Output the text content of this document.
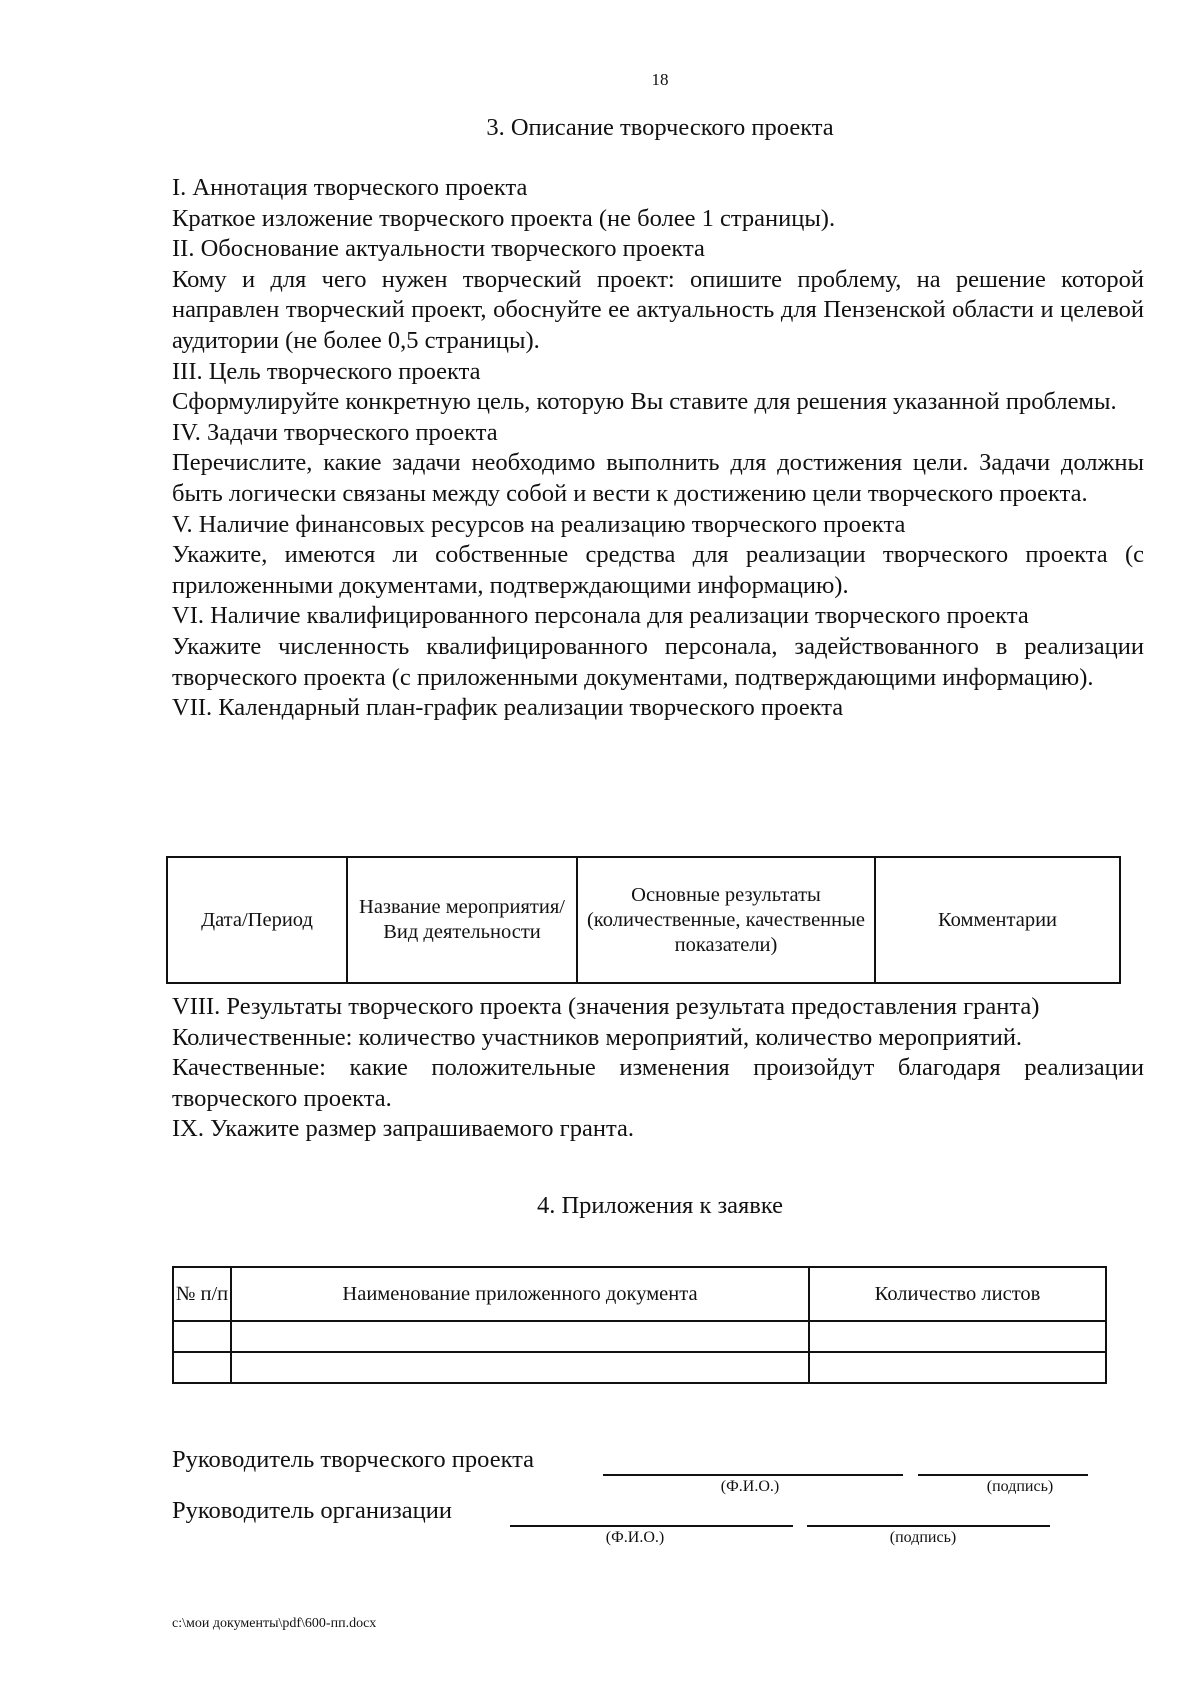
18
3. Описание творческого проекта

I. Аннотация творческого проекта

Краткое изложение творческого проекта (не более 1 страницы).

II. Обоснование актуальности творческого проекта

Кому и для чего нужен творческий проект: опишите проблему, на решение которой направлен творческий проект, обоснуйте ее актуальность для Пензенской области и целевой аудитории (не более 0,5 страницы).

III. Цель творческого проекта

Сформулируйте конкретную цель, которую Вы ставите для решения указанной проблемы.

IV. Задачи творческого проекта

Перечислите, какие задачи необходимо выполнить для достижения цели. Задачи должны быть логически связаны между собой и вести к достижению цели творческого проекта.

V. Наличие финансовых ресурсов на реализацию творческого проекта

Укажите, имеются ли собственные средства для реализации творческого проекта (с приложенными документами, подтверждающими информацию).

VI. Наличие квалифицированного персонала для реализации творческого проекта

Укажите численность квалифицированного персонала, задействованного в реализации творческого проекта (с приложенными документами, подтверждающими информацию).

VII. Календарный план-график реализации творческого проекта

Дата/Период	Название мероприятия/Вид деятельности	Основные результаты (количественные, качественные показатели)	Комментарии

VIII. Результаты творческого проекта (значения результата предоставления гранта)

Количественные: количество участников мероприятий, количество мероприятий.

Качественные: какие положительные изменения произойдут благодаря реализации творческого проекта.

IX. Укажите размер запрашиваемого гранта.

4. Приложения к заявке
№ п/п	Наименование приложенного документа	Количество листов

Руководитель творческого проекта
(Ф.И.О.)	(подпись)
Руководитель организации
(Ф.И.О.)	(подпись)
c:\мои документы\pdf\600-пп.docx
